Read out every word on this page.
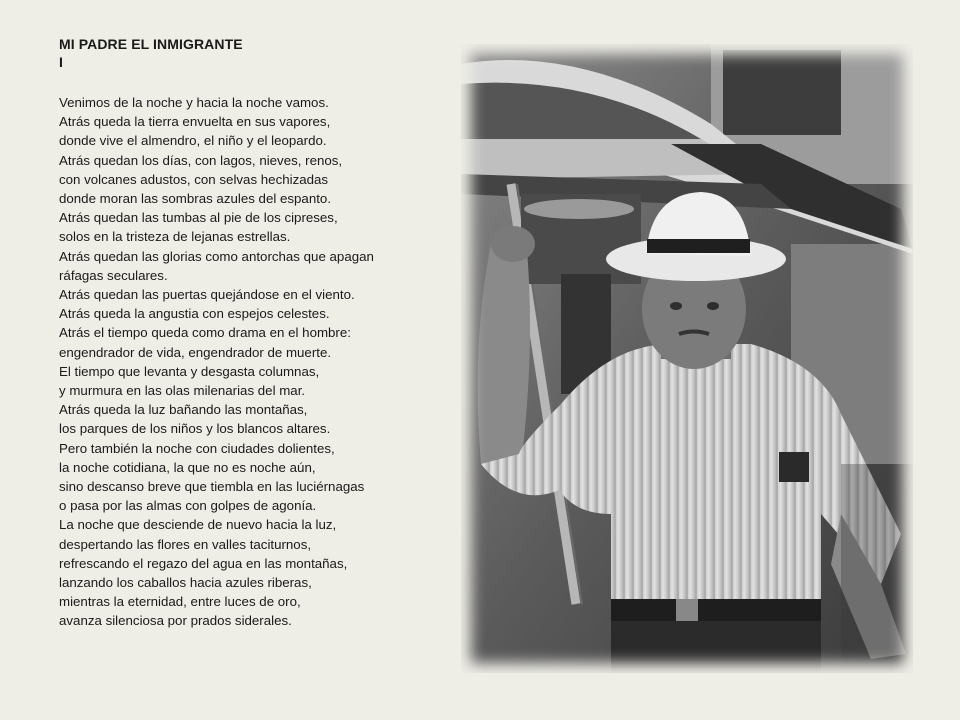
MI PADRE EL INMIGRANTE
I
Venimos de la noche y hacia la noche vamos.
Atrás queda la tierra envuelta en sus vapores,
donde vive el almendro, el niño y el leopardo.
Atrás quedan los días, con lagos, nieves, renos,
con volcanes adustos, con selvas hechizadas
donde moran las sombras azules del espanto.
Atrás quedan las tumbas al pie de los cipreses,
solos en la tristeza de lejanas estrellas.
Atrás quedan las glorias como antorchas que apagan
ráfagas seculares.
Atrás quedan las puertas quejándose en el viento.
Atrás queda la angustia con espejos celestes.
Atrás el tiempo queda como drama en el hombre:
engendrador de vida, engendrador de muerte.
El tiempo que levanta y desgasta columnas,
y murmura en las olas milenarias del mar.
Atrás queda la luz bañando las montañas,
los parques de los niños y los blancos altares.
Pero también la noche con ciudades dolientes,
la noche cotidiana, la que no es noche aún,
sino descanso breve que tiembla en las luciérnagas
o pasa por las almas con golpes de agonía.
La noche que desciende de nuevo hacia la luz,
despertando las flores en valles taciturnos,
refrescando el regazo del agua en las montañas,
lanzando los caballos hacia azules riberas,
mientras la eternidad, entre luces de oro,
avanza silenciosa por prados siderales.
